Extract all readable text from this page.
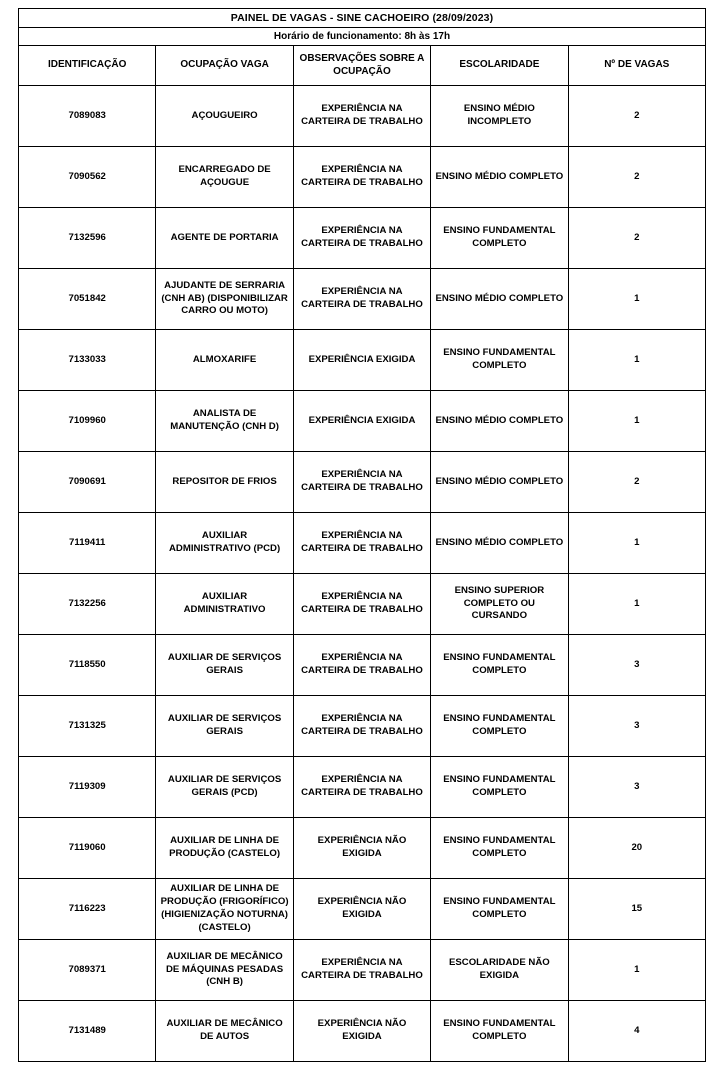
PAINEL DE VAGAS - SINE CACHOEIRO (28/09/2023)				
Horário de funcionamento: 8h às 17h				
IDENTIFICAÇÃO	OCUPAÇÃO VAGA	OBSERVAÇÕES SOBRE A OCUPAÇÃO	ESCOLARIDADE	Nº DE VAGAS
7089083	AÇOUGUEIRO	EXPERIÊNCIA NA CARTEIRA DE TRABALHO	ENSINO MÉDIO INCOMPLETO	2
7090562	ENCARREGADO DE AÇOUGUE	EXPERIÊNCIA NA CARTEIRA DE TRABALHO	ENSINO MÉDIO COMPLETO	2
7132596	AGENTE DE PORTARIA	EXPERIÊNCIA NA CARTEIRA DE TRABALHO	ENSINO FUNDAMENTAL COMPLETO	2
7051842	AJUDANTE DE SERRARIA (CNH AB) (DISPONIBILIZAR CARRO OU MOTO)	EXPERIÊNCIA NA CARTEIRA DE TRABALHO	ENSINO MÉDIO COMPLETO	1
7133033	ALMOXARIFE	EXPERIÊNCIA EXIGIDA	ENSINO FUNDAMENTAL COMPLETO	1
7109960	ANALISTA DE MANUTENÇÃO (CNH D)	EXPERIÊNCIA EXIGIDA	ENSINO MÉDIO COMPLETO	1
7090691	REPOSITOR DE FRIOS	EXPERIÊNCIA NA CARTEIRA DE TRABALHO	ENSINO MÉDIO COMPLETO	2
7119411	AUXILIAR ADMINISTRATIVO (PCD)	EXPERIÊNCIA NA CARTEIRA DE TRABALHO	ENSINO MÉDIO COMPLETO	1
7132256	AUXILIAR ADMINISTRATIVO	EXPERIÊNCIA NA CARTEIRA DE TRABALHO	ENSINO SUPERIOR COMPLETO OU CURSANDO	1
7118550	AUXILIAR DE SERVIÇOS GERAIS	EXPERIÊNCIA NA CARTEIRA DE TRABALHO	ENSINO FUNDAMENTAL COMPLETO	3
7131325	AUXILIAR DE SERVIÇOS GERAIS	EXPERIÊNCIA NA CARTEIRA DE TRABALHO	ENSINO FUNDAMENTAL COMPLETO	3
7119309	AUXILIAR DE SERVIÇOS GERAIS (PCD)	EXPERIÊNCIA NA CARTEIRA DE TRABALHO	ENSINO FUNDAMENTAL COMPLETO	3
7119060	AUXILIAR DE LINHA DE PRODUÇÃO (CASTELO)	EXPERIÊNCIA NÃO EXIGIDA	ENSINO FUNDAMENTAL COMPLETO	20
7116223	AUXILIAR DE LINHA DE PRODUÇÃO (FRIGORÍFICO) (HIGIENIZAÇÃO NOTURNA) (CASTELO)	EXPERIÊNCIA NÃO EXIGIDA	ENSINO FUNDAMENTAL COMPLETO	15
7089371	AUXILIAR DE MECÂNICO DE MÁQUINAS PESADAS (CNH B)	EXPERIÊNCIA NA CARTEIRA DE TRABALHO	ESCOLARIDADE NÃO EXIGIDA	1
7131489	AUXILIAR DE MECÂNICO DE AUTOS	EXPERIÊNCIA NÃO EXIGIDA	ENSINO FUNDAMENTAL COMPLETO	4
